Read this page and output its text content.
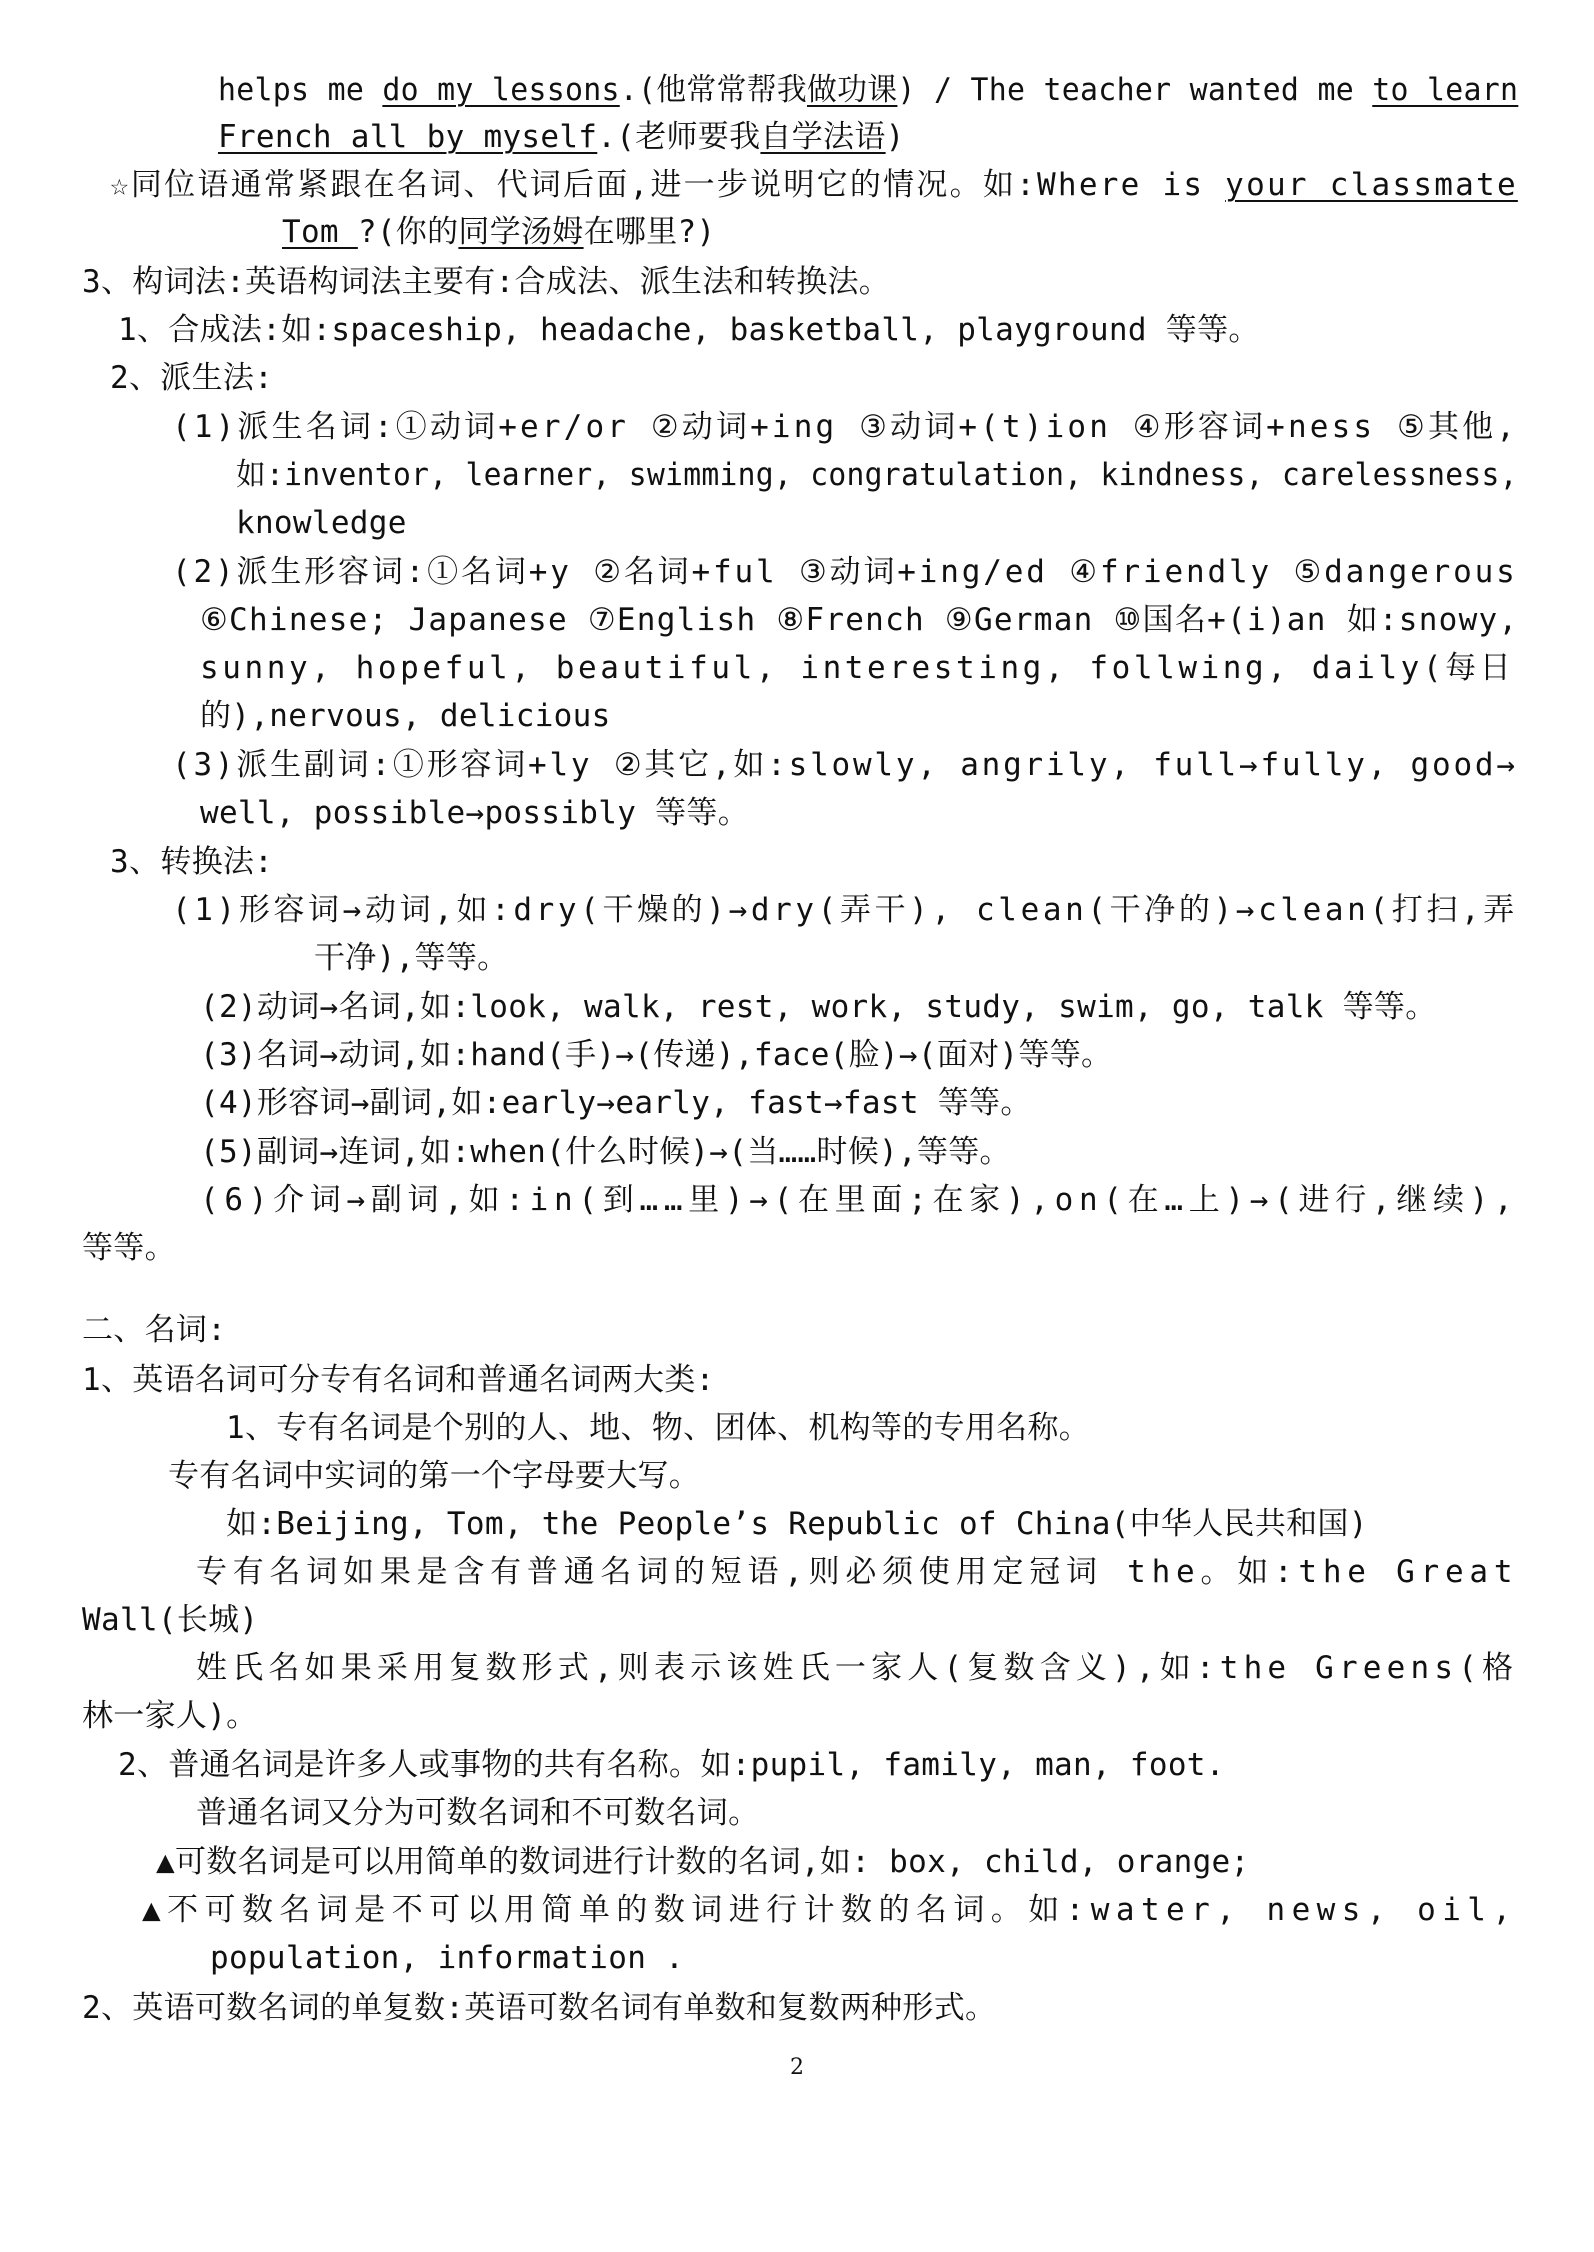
helps me do my lessons.(他常常帮我做功课) / The teacher wanted me to learn
French all by myself.(老师要我自学法语)
☆同位语通常紧跟在名词、代词后面,进一步说明它的情况。如:Where is your classmate
Tom ?(你的同学汤姆在哪里?)
3、构词法:英语构词法主要有:合成法、派生法和转换法。
1、合成法:如:spaceship, headache, basketball, playground 等等。
2、派生法:
(1)派生名词:①动词+er/or ②动词+ing ③动词+(t)ion ④形容词+ness ⑤其他,
如:inventor, learner, swimming, congratulation, kindness, carelessness,
knowledge
(2)派生形容词:①名词+y ②名词+ful ③动词+ing/ed ④friendly ⑤dangerous
⑥Chinese; Japanese ⑦English ⑧French ⑨German ⑩国名+(i)an 如:snowy,
sunny, hopeful, beautiful, interesting, follwing, daily(每日
的),nervous, delicious
(3)派生副词:①形容词+ly ②其它,如:slowly, angrily, full→fully, good→
well, possible→possibly 等等。
3、转换法:
(1)形容词→动词,如:dry(干燥的)→dry(弄干), clean(干净的)→clean(打扫,弄
干净),等等。
(2)动词→名词,如:look, walk, rest, work, study, swim, go, talk 等等。
(3)名词→动词,如:hand(手)→(传递),face(脸)→(面对)等等。
(4)形容词→副词,如:early→early, fast→fast 等等。
(5)副词→连词,如:when(什么时候)→(当……时候),等等。
(6)介词→副词,如:in(到……里)→(在里面;在家),on(在…上)→(进行,继续),
等等。
二、名词:
1、英语名词可分专有名词和普通名词两大类:
1、专有名词是个别的人、地、物、团体、机构等的专用名称。
专有名词中实词的第一个字母要大写。
如:Beijing, Tom, the People’s Republic of China(中华人民共和国)
专有名词如果是含有普通名词的短语,则必须使用定冠词 the。如:the Great
Wall(长城)
姓氏名如果采用复数形式,则表示该姓氏一家人(复数含义),如:the Greens(格
林一家人)。
2、普通名词是许多人或事物的共有名称。如:pupil, family, man, foot.
普通名词又分为可数名词和不可数名词。
▲可数名词是可以用简单的数词进行计数的名词,如: box, child, orange;
▲不可数名词是不可以用简单的数词进行计数的名词。如:water, news, oil,
population, information .
2、英语可数名词的单复数:英语可数名词有单数和复数两种形式。
2
